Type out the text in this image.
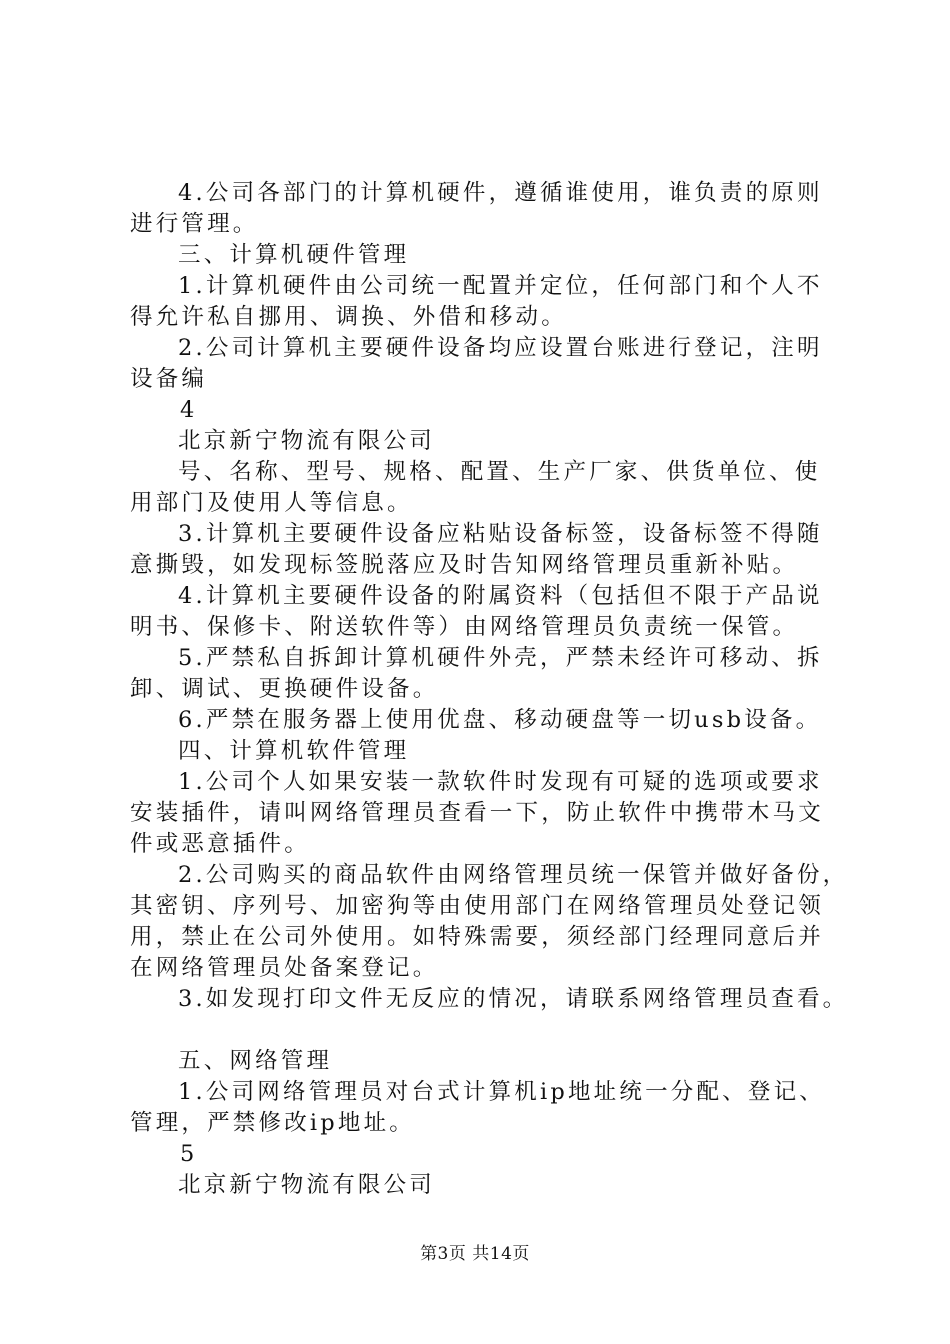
4.公司各部门的计算机硬件，遵循谁使用，谁负责的原则
进行管理。
三、计算机硬件管理
1.计算机硬件由公司统一配置并定位，任何部门和个人不
得允许私自挪用、调换、外借和移动。
2.公司计算机主要硬件设备均应设置台账进行登记，注明
设备编
4
北京新宁物流有限公司
号、名称、型号、规格、配置、生产厂家、供货单位、使
用部门及使用人等信息。
3.计算机主要硬件设备应粘贴设备标签，设备标签不得随
意撕毁，如发现标签脱落应及时告知网络管理员重新补贴。
4.计算机主要硬件设备的附属资料（包括但不限于产品说
明书、保修卡、附送软件等）由网络管理员负责统一保管。
5.严禁私自拆卸计算机硬件外壳，严禁未经许可移动、拆
卸、调试、更换硬件设备。
6.严禁在服务器上使用优盘、移动硬盘等一切usb设备。
四、计算机软件管理
1.公司个人如果安装一款软件时发现有可疑的选项或要求
安装插件，请叫网络管理员查看一下，防止软件中携带木马文
件或恶意插件。
2.公司购买的商品软件由网络管理员统一保管并做好备份，
其密钥、序列号、加密狗等由使用部门在网络管理员处登记领
用，禁止在公司外使用。如特殊需要，须经部门经理同意后并
在网络管理员处备案登记。
3.如发现打印文件无反应的情况，请联系网络管理员查看。
五、网络管理
1.公司网络管理员对台式计算机ip地址统一分配、登记、
管理，严禁修改ip地址。
5
北京新宁物流有限公司
第3页 共14页
